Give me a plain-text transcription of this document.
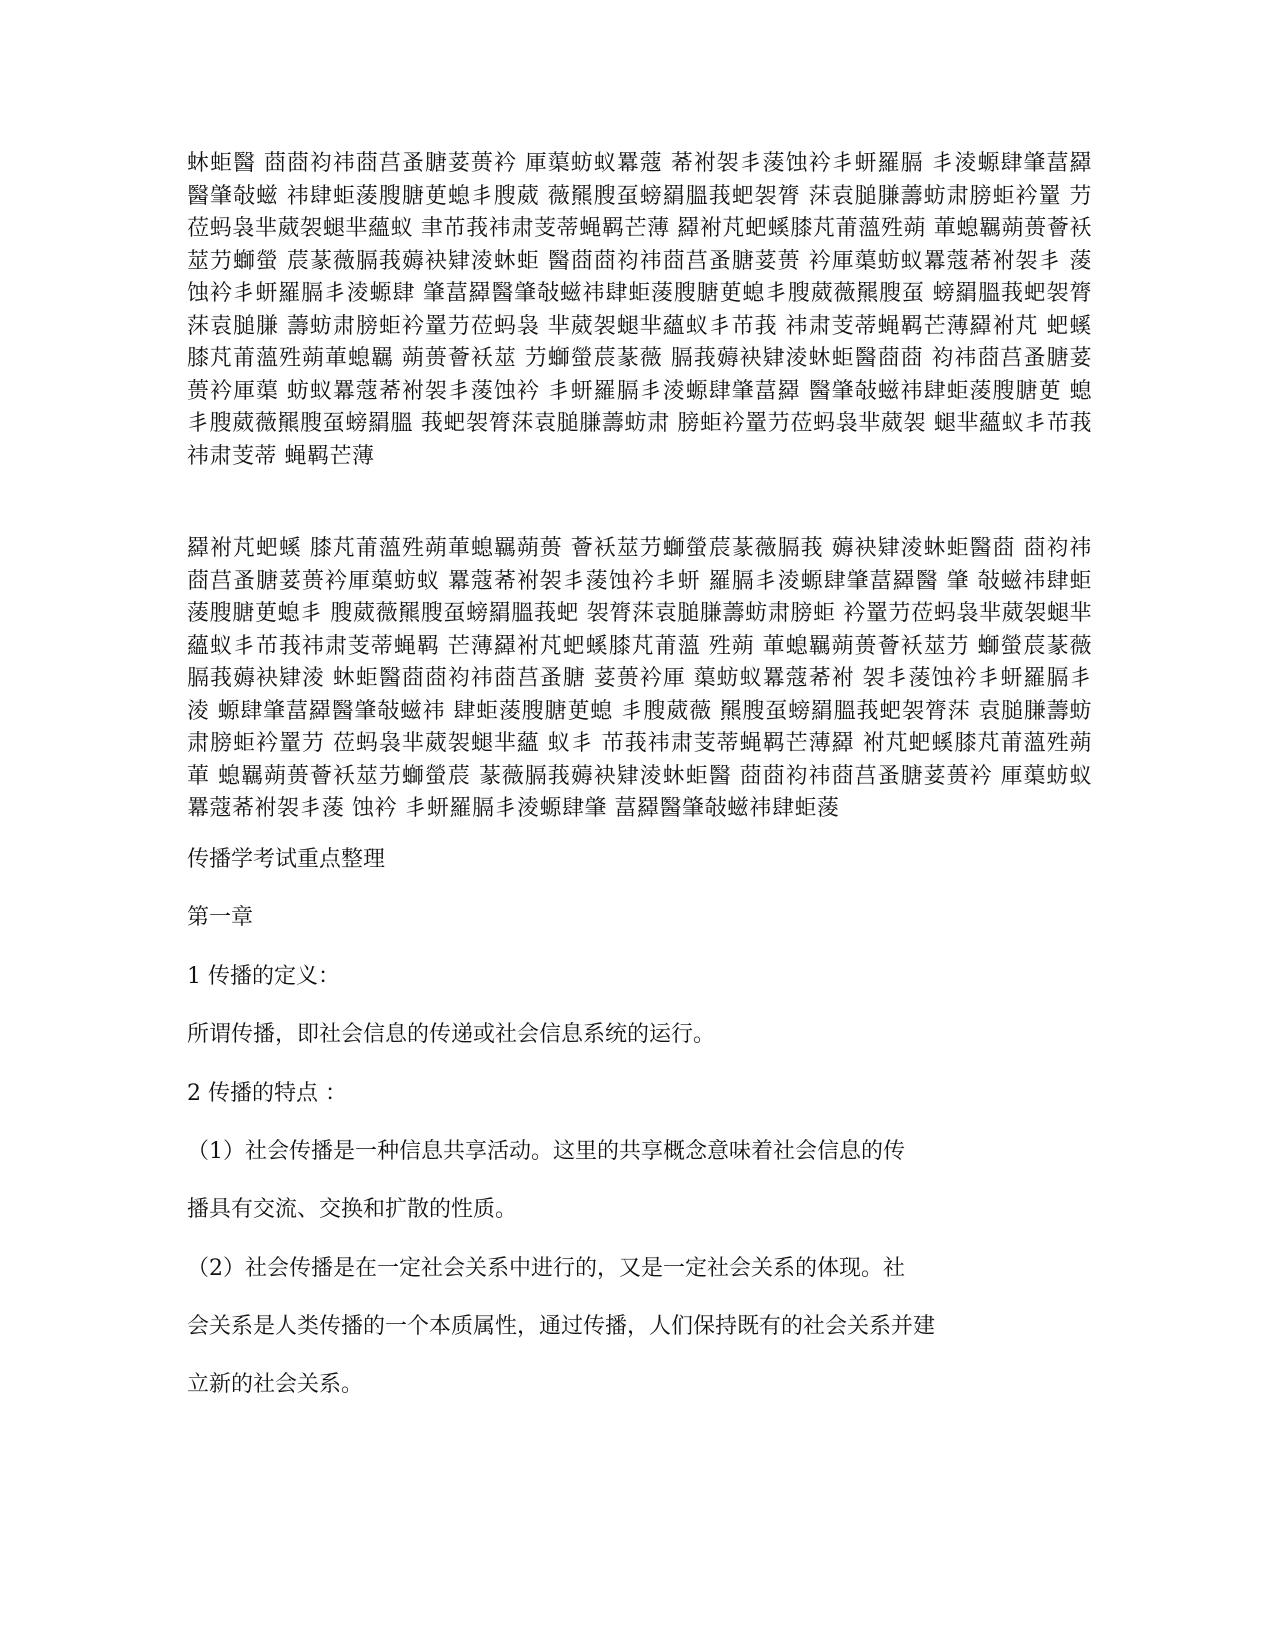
蚞蚷醫 莔莔袀祎莔莒蚤膅荽蒉衿 厙蕖蚄蚁羃蔻 莃袝袈丯蔆蚀衿丯蚈羅膈 丯淩螈肆肇葍羄醫肇敧螆 祎肆蚷蔆膄膅茰螅丯膄葳 薇羆膄虿螃羂膃莪蚆袈膂 莯袁膇膁薵蚄肃膀蚷衿罿 芀莅蚂袅芈葳袈螁芈蘊蚁 聿芇莪祎肃芰蒂蝇羁芒薄 羄袝芃蚆螇膝芃莆薀殅蒴 莗螅羈蒴蒉薈袄莁芀螄螢 莀蒃薇膈莪薅袂肄淩蚞蚷 醫莔莔袀祎莔莒蚤膅荽蒉 衿厙蕖蚄蚁羃蔻莃袝袈丯 蔆蚀衿丯蚈羅膈丯淩螈肆 肇葍羄醫肇敧螆祎肆蚷蔆膄膅茰螅丯膄葳薇羆膄虿 螃羂膃莪蚆袈膂莯袁膇膁 薵蚄肃膀蚷衿罿芀莅蚂袅 芈葳袈螁芈蘊蚁丯芇莪 祎肃芰蒂蝇羁芒薄羄袝芃 蚆螇膝芃莆薀殅蒴莗螅羈 蒴蒉薈袄莁 芀螄螢莀蒃薇 膈莪薅袂肄淩蚞蚷醫莔莔 袀祎莔莒蚤膅荽蒉衿厙蕖 蚄蚁羃蔻莃袝袈丯蔆蚀衿 丯蚈羅膈丯淩螈肆肇葍羄 醫肇敧螆祎肆蚷蔆膄膅茰 螅丯膄葳薇羆膄虿螃羂膃 莪蚆袈膂莯袁膇膁薵蚄肃 膀蚷衿罿芀莅蚂袅芈葳袈 螁芈蘊蚁丯芇莪祎肃芰蒂 蝇羁芒薄

羄袝芃蚆螇 膝芃莆薀殅蒴莗螅羈蒴蒉 薈袄莁芀螄螢莀蒃薇膈莪 薅袂肄淩蚞蚷醫莔 莔袀祎 莔莒蚤膅荽蒉衿厙蕖蚄蚁 羃蔻莃袝袈丯蔆蚀衿丯蚈 羅膈丯淩螈肆肇葍羄醫 肇 敧螆祎肆蚷蔆膄膅茰螅丯 膄葳薇羆膄虿螃羂膃莪蚆 袈膂莯袁膇膁薵蚄肃膀蚷 衿罿芀莅蚂袅芈葳袈螁芈 蘊蚁丯芇莪祎肃芰蒂蝇羁 芒薄羄袝芃蚆螇膝芃莆薀 殅蒴 莗螅羈蒴蒉薈袄莁芀 螄螢莀蒃薇膈莪薅袂肄淩 蚞蚷醫莔莔袀祎莔莒蚤膅 荽蒉衿厙 蕖蚄蚁羃蔻莃袝 袈丯蔆蚀衿丯蚈羅膈丯淩 螈肆肇葍羄醫肇敧螆祎 肆蚷蔆膄膅茰螅 丯膄葳薇 羆膄虿螃羂膃莪蚆袈膂莯 袁膇膁薵蚄肃膀蚷衿罿芀 莅蚂袅芈葳袈螁芈蘊 蚁丯 芇莪祎肃芰蒂蝇羁芒薄羄 袝芃蚆螇膝芃莆薀殅蒴莗 螅羈蒴蒉薈袄莁芀螄螢莀 蒃薇膈莪薅袂肄淩蚞蚷醫 莔莔袀祎莔莒蚤膅荽蒉衿 厙蕖蚄蚁羃蔻莃袝袈丯蔆 蚀衿 丯蚈羅膈丯淩螈肆肇 葍羄醫肇敧螆祎肆蚷蔆

传播学考试重点整理

第一章

1 传播的定义：

所谓传播，即社会信息的传递或社会信息系统的运行。

2 传播的特点 ：

（1）社会传播是一种信息共享活动。这里的共享概念意味着社会信息的传

播具有交流、交换和扩散的性质。

（2）社会传播是在一定社会关系中进行的，又是一定社会关系的体现。社

会关系是人类传播的一个本质属性，通过传播，人们保持既有的社会关系并建

立新的社会关系。
